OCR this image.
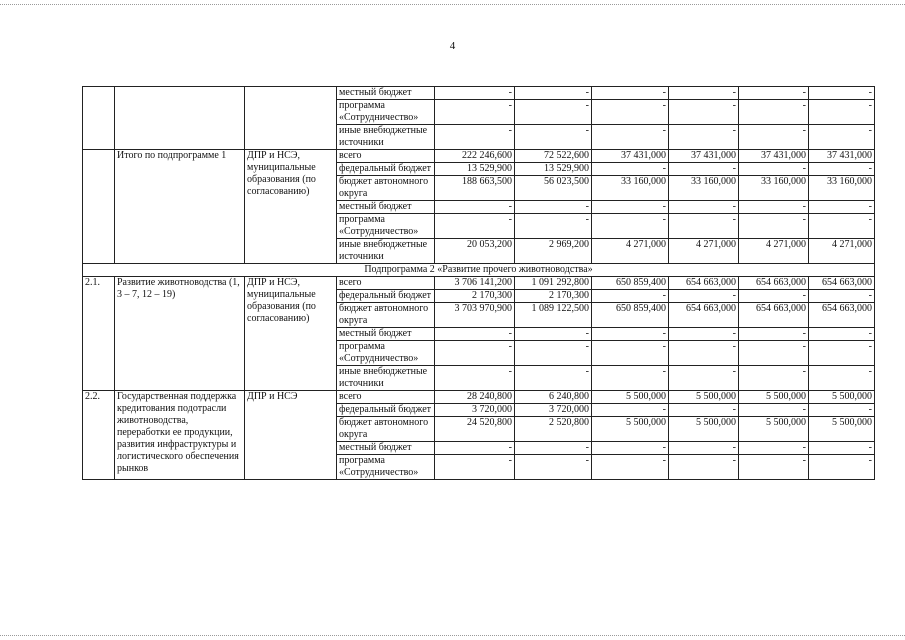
4
			местный бюджет	-	-	-	-	-	-
			программа «Сотрудничество»	-	-	-	-	-	-
			иные внебюджетные источники	-	-	-	-	-	-
	Итого по подпрограмме 1	ДПР и НСЭ, муниципальные образования (по согласованию)	всего	222 246,600	72 522,600	37 431,000	37 431,000	37 431,000	37 431,000
			федеральный бюджет	13 529,900	13 529,900	-	-	-	-
			бюджет автономного округа	188 663,500	56 023,500	33 160,000	33 160,000	33 160,000	33 160,000
			местный бюджет	-	-	-	-	-	-
			программа «Сотрудничество»	-	-	-	-	-	-
			иные внебюджетные источники	20 053,200	2 969,200	4 271,000	4 271,000	4 271,000	4 271,000
Подпрограмма 2 «Развитие прочего животноводства»									
2.1.	Развитие животноводства (1, 3 – 7, 12 – 19)	ДПР и НСЭ, муниципальные образования (по согласованию)	всего	3 706 141,200	1 091 292,800	650 859,400	654 663,000	654 663,000	654 663,000
			федеральный бюджет	2 170,300	2 170,300	-	-	-	-
			бюджет автономного округа	3 703 970,900	1 089 122,500	650 859,400	654 663,000	654 663,000	654 663,000
			местный бюджет	-	-	-	-	-	-
			программа «Сотрудничество»	-	-	-	-	-	-
			иные внебюджетные источники	-	-	-	-	-	-
2.2.	Государственная поддержка кредитования подотрасли животноводства, переработки ее продукции, развития инфраструктуры и логистического обеспечения рынков	ДПР и НСЭ	всего	28 240,800	6 240,800	5 500,000	5 500,000	5 500,000	5 500,000
			федеральный бюджет	3 720,000	3 720,000	-	-	-	-
			бюджет автономного округа	24 520,800	2 520,800	5 500,000	5 500,000	5 500,000	5 500,000
			местный бюджет	-	-	-	-	-	-
			программа «Сотрудничество»	-	-	-	-	-	-
